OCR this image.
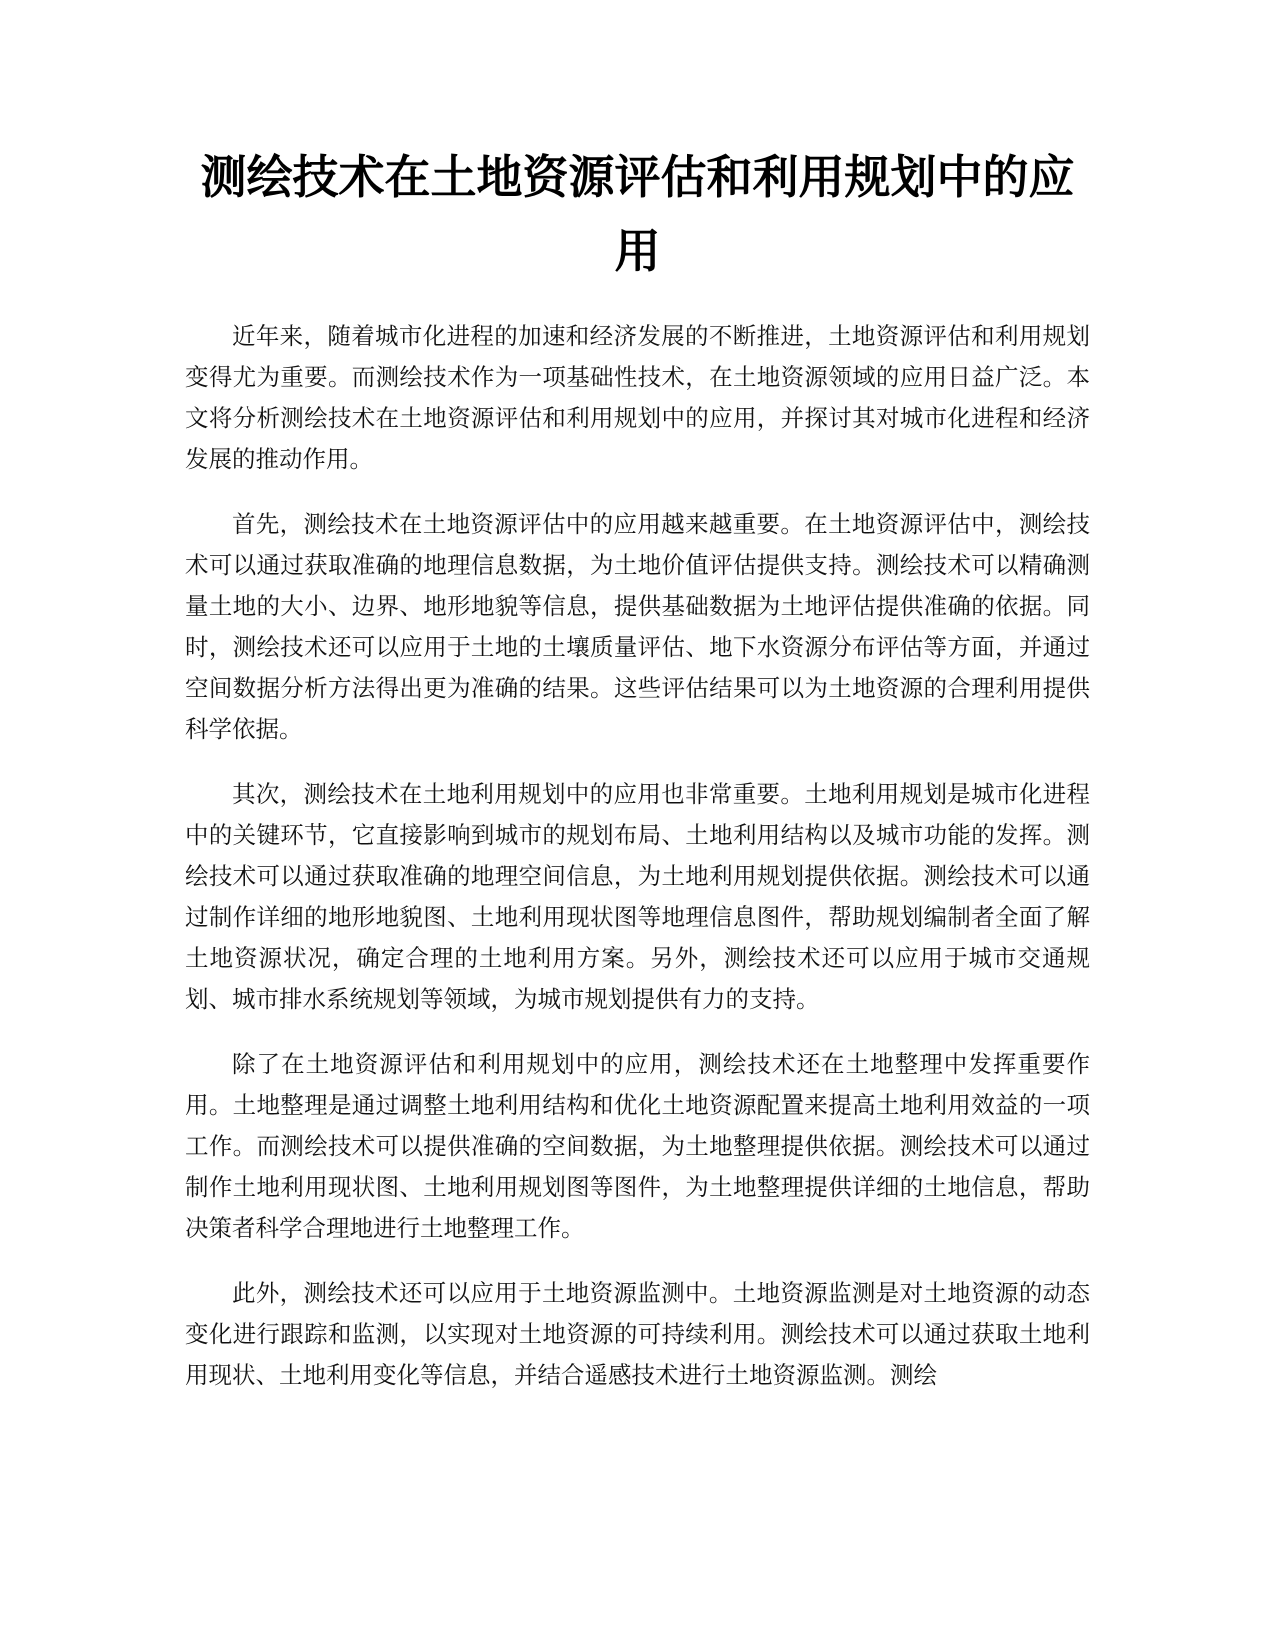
测绘技术在土地资源评估和利用规划中的应用

近年来，随着城市化进程的加速和经济发展的不断推进，土地资源评估和利用规划变得尤为重要。而测绘技术作为一项基础性技术，在土地资源领域的应用日益广泛。本文将分析测绘技术在土地资源评估和利用规划中的应用，并探讨其对城市化进程和经济发展的推动作用。

首先，测绘技术在土地资源评估中的应用越来越重要。在土地资源评估中，测绘技术可以通过获取准确的地理信息数据，为土地价值评估提供支持。测绘技术可以精确测量土地的大小、边界、地形地貌等信息，提供基础数据为土地评估提供准确的依据。同时，测绘技术还可以应用于土地的土壤质量评估、地下水资源分布评估等方面，并通过空间数据分析方法得出更为准确的结果。这些评估结果可以为土地资源的合理利用提供科学依据。

其次，测绘技术在土地利用规划中的应用也非常重要。土地利用规划是城市化进程中的关键环节，它直接影响到城市的规划布局、土地利用结构以及城市功能的发挥。测绘技术可以通过获取准确的地理空间信息，为土地利用规划提供依据。测绘技术可以通过制作详细的地形地貌图、土地利用现状图等地理信息图件，帮助规划编制者全面了解土地资源状况，确定合理的土地利用方案。另外，测绘技术还可以应用于城市交通规划、城市排水系统规划等领域，为城市规划提供有力的支持。

除了在土地资源评估和利用规划中的应用，测绘技术还在土地整理中发挥重要作用。土地整理是通过调整土地利用结构和优化土地资源配置来提高土地利用效益的一项工作。而测绘技术可以提供准确的空间数据，为土地整理提供依据。测绘技术可以通过制作土地利用现状图、土地利用规划图等图件，为土地整理提供详细的土地信息，帮助决策者科学合理地进行土地整理工作。

此外，测绘技术还可以应用于土地资源监测中。土地资源监测是对土地资源的动态变化进行跟踪和监测，以实现对土地资源的可持续利用。测绘技术可以通过获取土地利用现状、土地利用变化等信息，并结合遥感技术进行土地资源监测。测绘
